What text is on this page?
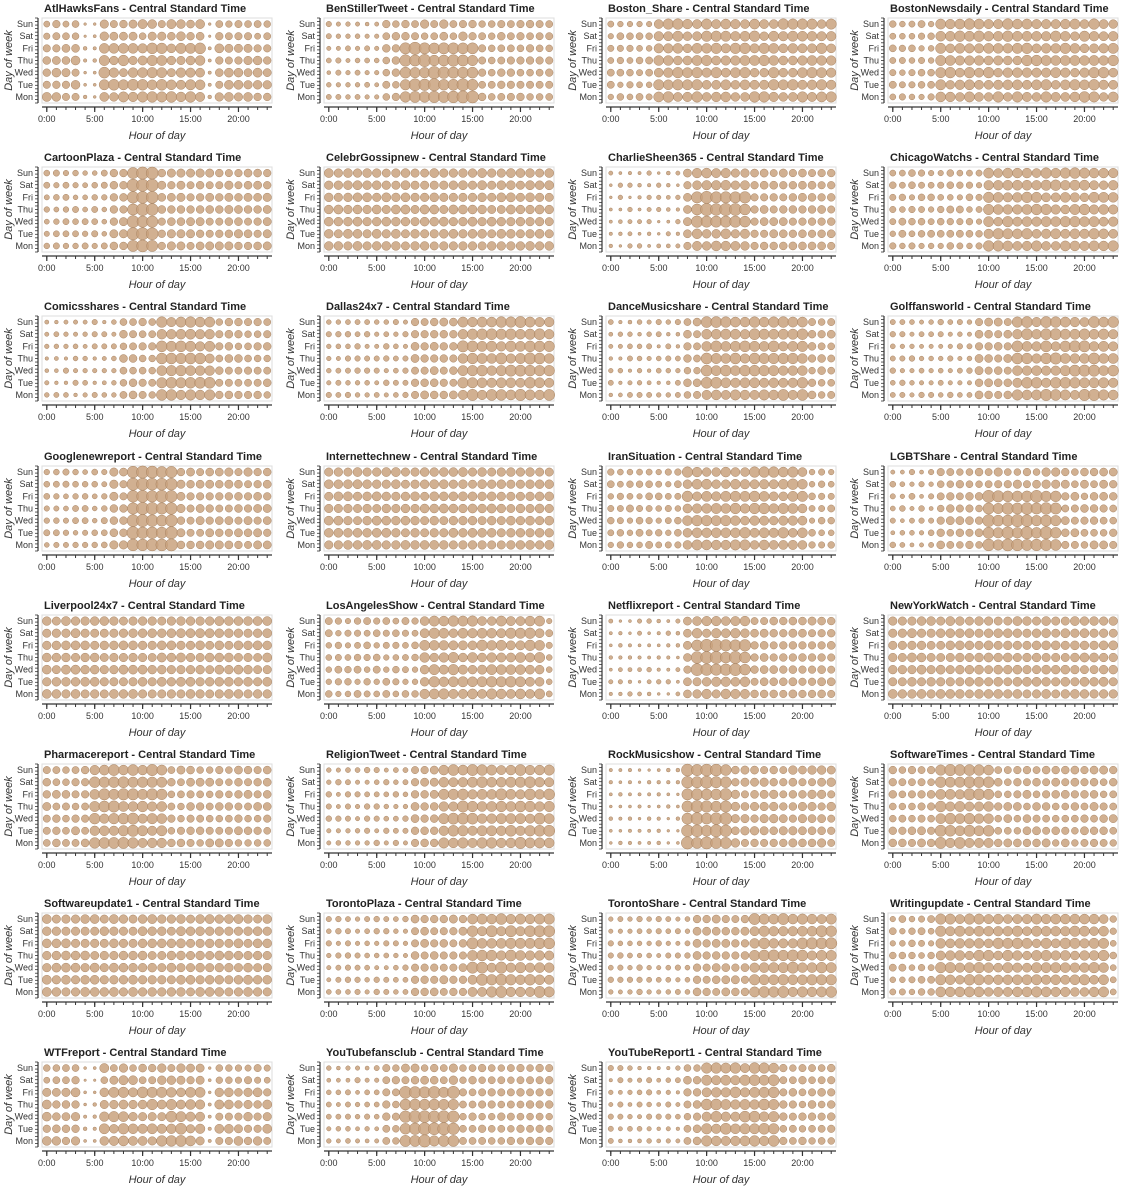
AtlHawksFans - Central Standard Time
Sun
Sat
Fri
Thu
Wed
Tue
Mon
0:00	5:00	10:00	15:00	20:00
Hour of day
Day of week
BenStillerTweet - Central Standard Time
Sun
Sat
Fri
Thu
Wed
Tue
Mon
0:00	5:00	10:00	15:00	20:00
Hour of day
Day of week
Boston_Share - Central Standard Time
Sun
Sat
Fri
Thu
Wed
Tue
Mon
0:00	5:00	10:00	15:00	20:00
Hour of day
Day of week
BostonNewsdaily - Central Standard Time
Sun
Sat
Fri
Thu
Wed
Tue
Mon
0:00	5:00	10:00	15:00	20:00
Hour of day
Day of week
CartoonPlaza - Central Standard Time
Sun
Sat
Fri
Thu
Wed
Tue
Mon
0:00	5:00	10:00	15:00	20:00
Hour of day
Day of week
CelebrGossipnew - Central Standard Time
Sun
Sat
Fri
Thu
Wed
Tue
Mon
0:00	5:00	10:00	15:00	20:00
Hour of day
Day of week
CharlieSheen365 - Central Standard Time
Sun
Sat
Fri
Thu
Wed
Tue
Mon
0:00	5:00	10:00	15:00	20:00
Hour of day
Day of week
ChicagoWatchs - Central Standard Time
Sun
Sat
Fri
Thu
Wed
Tue
Mon
0:00	5:00	10:00	15:00	20:00
Hour of day
Day of week
Comicsshares - Central Standard Time
Sun
Sat
Fri
Thu
Wed
Tue
Mon
0:00	5:00	10:00	15:00	20:00
Hour of day
Day of week
Dallas24x7 - Central Standard Time
Sun
Sat
Fri
Thu
Wed
Tue
Mon
0:00	5:00	10:00	15:00	20:00
Hour of day
Day of week
DanceMusicshare - Central Standard Time
Sun
Sat
Fri
Thu
Wed
Tue
Mon
0:00	5:00	10:00	15:00	20:00
Hour of day
Day of week
Golffansworld - Central Standard Time
Sun
Sat
Fri
Thu
Wed
Tue
Mon
0:00	5:00	10:00	15:00	20:00
Hour of day
Day of week
Googlenewreport - Central Standard Time
Sun
Sat
Fri
Thu
Wed
Tue
Mon
0:00	5:00	10:00	15:00	20:00
Hour of day
Day of week
Internettechnew - Central Standard Time
Sun
Sat
Fri
Thu
Wed
Tue
Mon
0:00	5:00	10:00	15:00	20:00
Hour of day
Day of week
IranSituation - Central Standard Time
Sun
Sat
Fri
Thu
Wed
Tue
Mon
0:00	5:00	10:00	15:00	20:00
Hour of day
Day of week
LGBTShare - Central Standard Time
Sun
Sat
Fri
Thu
Wed
Tue
Mon
0:00	5:00	10:00	15:00	20:00
Hour of day
Day of week
Liverpool24x7 - Central Standard Time
Sun
Sat
Fri
Thu
Wed
Tue
Mon
0:00	5:00	10:00	15:00	20:00
Hour of day
Day of week
LosAngelesShow - Central Standard Time
Sun
Sat
Fri
Thu
Wed
Tue
Mon
0:00	5:00	10:00	15:00	20:00
Hour of day
Day of week
Netflixreport - Central Standard Time
Sun
Sat
Fri
Thu
Wed
Tue
Mon
0:00	5:00	10:00	15:00	20:00
Hour of day
Day of week
NewYorkWatch - Central Standard Time
Sun
Sat
Fri
Thu
Wed
Tue
Mon
0:00	5:00	10:00	15:00	20:00
Hour of day
Day of week
Pharmacereport - Central Standard Time
Sun
Sat
Fri
Thu
Wed
Tue
Mon
0:00	5:00	10:00	15:00	20:00
Hour of day
Day of week
ReligionTweet - Central Standard Time
Sun
Sat
Fri
Thu
Wed
Tue
Mon
0:00	5:00	10:00	15:00	20:00
Hour of day
Day of week
RockMusicshow - Central Standard Time
Sun
Sat
Fri
Thu
Wed
Tue
Mon
0:00	5:00	10:00	15:00	20:00
Hour of day
Day of week
SoftwareTimes - Central Standard Time
Sun
Sat
Fri
Thu
Wed
Tue
Mon
0:00	5:00	10:00	15:00	20:00
Hour of day
Day of week
Softwareupdate1 - Central Standard Time
Sun
Sat
Fri
Thu
Wed
Tue
Mon
0:00	5:00	10:00	15:00	20:00
Hour of day
Day of week
TorontoPlaza - Central Standard Time
Sun
Sat
Fri
Thu
Wed
Tue
Mon
0:00	5:00	10:00	15:00	20:00
Hour of day
Day of week
TorontoShare - Central Standard Time
Sun
Sat
Fri
Thu
Wed
Tue
Mon
0:00	5:00	10:00	15:00	20:00
Hour of day
Day of week
Writingupdate - Central Standard Time
Sun
Sat
Fri
Thu
Wed
Tue
Mon
0:00	5:00	10:00	15:00	20:00
Hour of day
Day of week
WTFreport - Central Standard Time
Sun
Sat
Fri
Thu
Wed
Tue
Mon
0:00	5:00	10:00	15:00	20:00
Hour of day
Day of week
YouTubefansclub - Central Standard Time
Sun
Sat
Fri
Thu
Wed
Tue
Mon
0:00	5:00	10:00	15:00	20:00
Hour of day
Day of week
YouTubeReport1 - Central Standard Time
Sun
Sat
Fri
Thu
Wed
Tue
Mon
0:00	5:00	10:00	15:00	20:00
Hour of day
Day of week
